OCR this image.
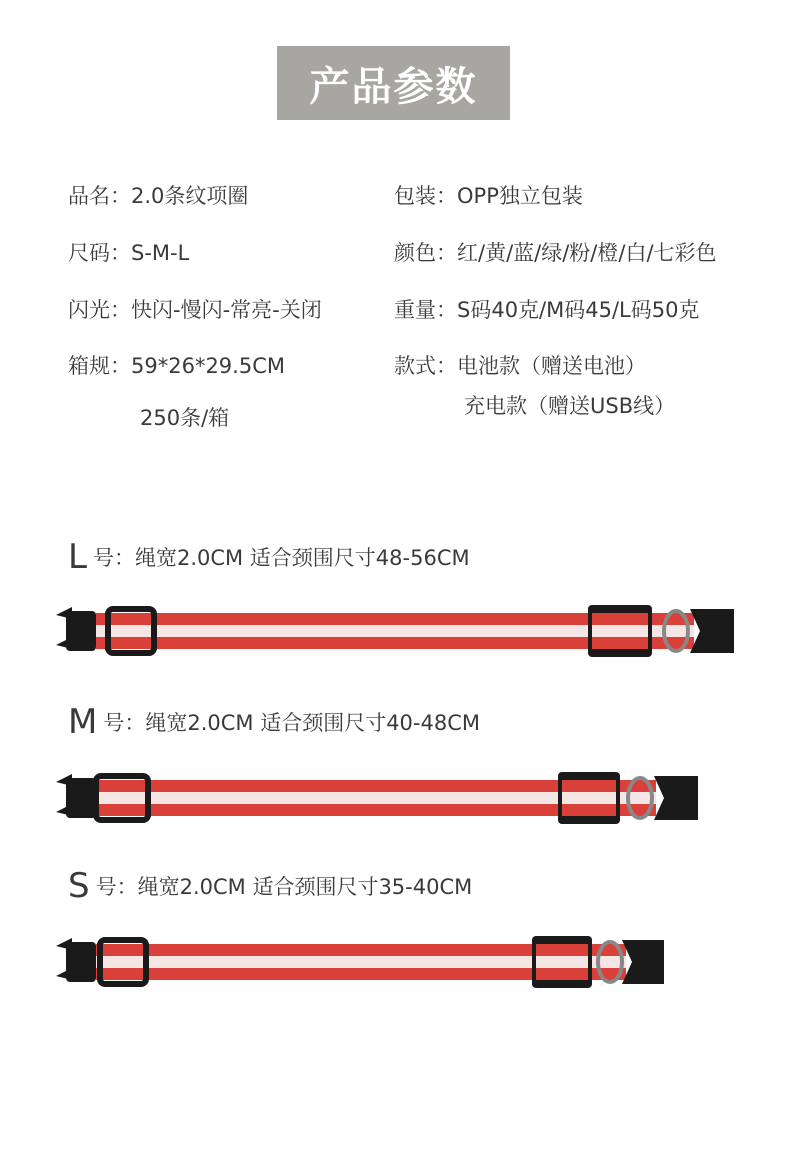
产品参数
品名：2.0条纹项圈
尺码：S-M-L
闪光：快闪-慢闪-常亮-关闭
箱规：59*26*29.5CM
250条/箱
包装：OPP独立包装
颜色：红/黄/蓝/绿/粉/橙/白/七彩色
重量：S码40克/M码45/L码50克
款式：电池款（赠送电池）
充电款（赠送USB线）
L号：绳宽2.0CM 适合颈围尺寸48-56CM
M号：绳宽2.0CM 适合颈围尺寸40-48CM
S号：绳宽2.0CM 适合颈围尺寸35-40CM
